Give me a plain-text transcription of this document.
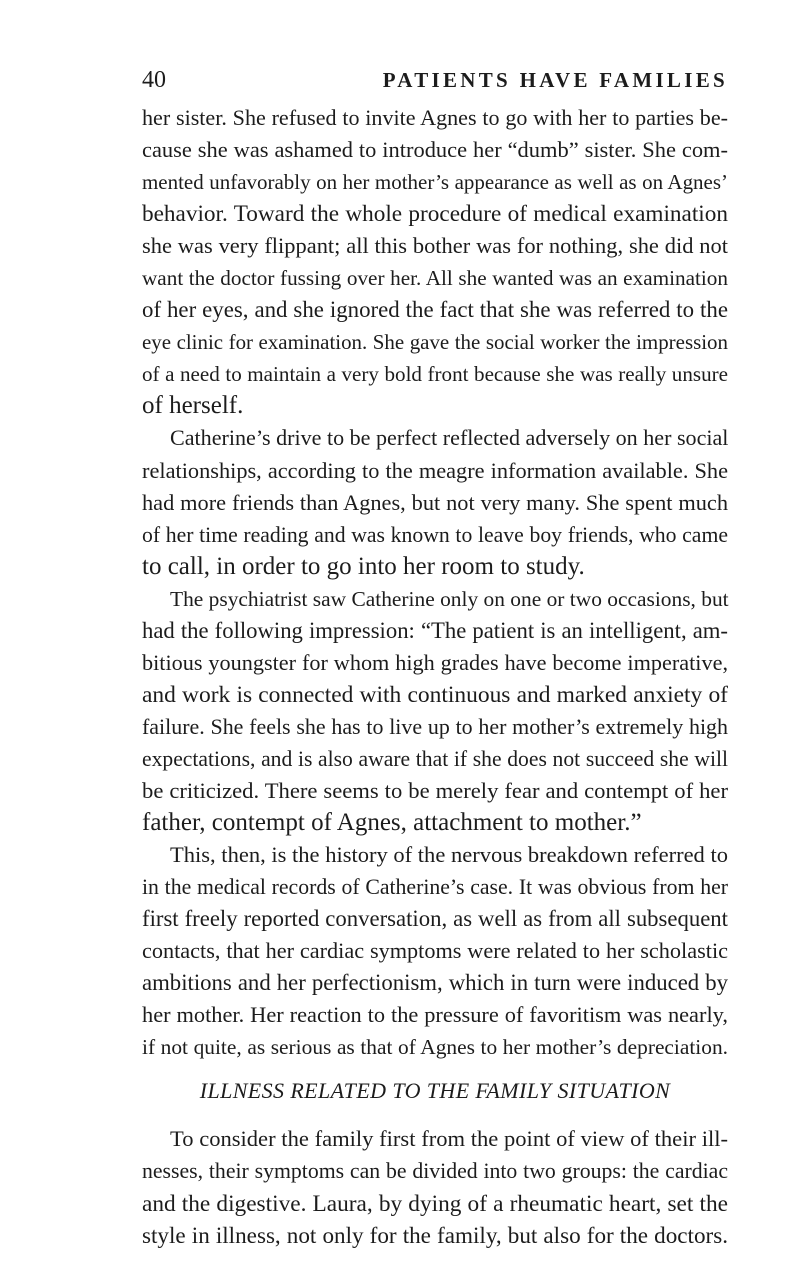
40	PATIENTS HAVE FAMILIES
her sister. She refused to invite Agnes to go with her to parties be-
cause she was ashamed to introduce her “dumb” sister. She com-
mented unfavorably on her mother’s appearance as well as on Agnes’
behavior. Toward the whole procedure of medical examination
she was very flippant; all this bother was for nothing, she did not
want the doctor fussing over her. All she wanted was an examination
of her eyes, and she ignored the fact that she was referred to the
eye clinic for examination. She gave the social worker the impression
of a need to maintain a very bold front because she was really unsure
of herself.
Catherine’s drive to be perfect reflected adversely on her social
relationships, according to the meagre information available. She
had more friends than Agnes, but not very many. She spent much
of her time reading and was known to leave boy friends, who came
to call, in order to go into her room to study.
The psychiatrist saw Catherine only on one or two occasions, but
had the following impression: “The patient is an intelligent, am-
bitious youngster for whom high grades have become imperative,
and work is connected with continuous and marked anxiety of
failure. She feels she has to live up to her mother’s extremely high
expectations, and is also aware that if she does not succeed she will
be criticized. There seems to be merely fear and contempt of her
father, contempt of Agnes, attachment to mother.”
This, then, is the history of the nervous breakdown referred to
in the medical records of Catherine’s case. It was obvious from her
first freely reported conversation, as well as from all subsequent
contacts, that her cardiac symptoms were related to her scholastic
ambitions and her perfectionism, which in turn were induced by
her mother. Her reaction to the pressure of favoritism was nearly,
if not quite, as serious as that of Agnes to her mother’s depreciation.
ILLNESS RELATED TO THE FAMILY SITUATION
To consider the family first from the point of view of their ill-
nesses, their symptoms can be divided into two groups: the cardiac
and the digestive. Laura, by dying of a rheumatic heart, set the
style in illness, not only for the family, but also for the doctors.
